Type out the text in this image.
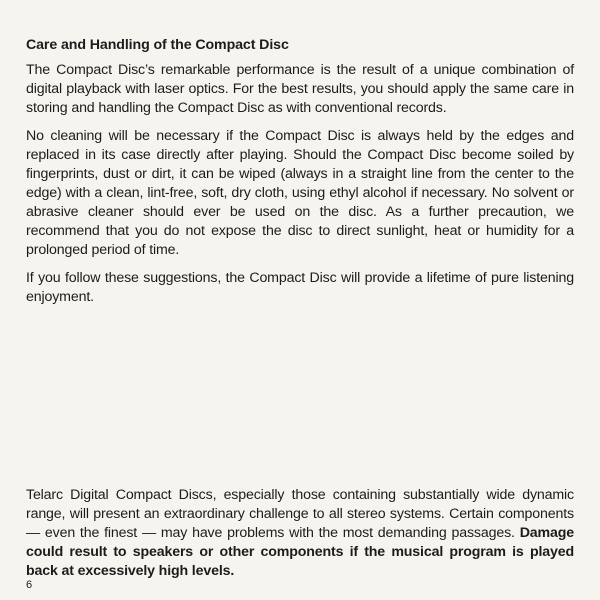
Care and Handling of the Compact Disc

The Compact Disc’s remarkable performance is the result of a unique combination of digital playback with laser optics. For the best results, you should apply the same care in storing and handling the Compact Disc as with conventional records.

No cleaning will be necessary if the Compact Disc is always held by the edges and replaced in its case directly after playing. Should the Compact Disc become soiled by fingerprints, dust or dirt, it can be wiped (always in a straight line from the center to the edge) with a clean, lint-free, soft, dry cloth, using ethyl alcohol if necessary. No solvent or abrasive cleaner should ever be used on the disc. As a further precaution, we recommend that you do not expose the disc to direct sunlight, heat or humidity for a prolonged period of time.

If you follow these suggestions, the Compact Disc will provide a lifetime of pure listening enjoyment.

Telarc Digital Compact Discs, especially those containing substantially wide dynamic range, will present an extraordinary challenge to all stereo systems. Certain components — even the finest — may have problems with the most demanding passages. Damage could result to speakers or other components if the musical program is played back at excessively high levels.

6
